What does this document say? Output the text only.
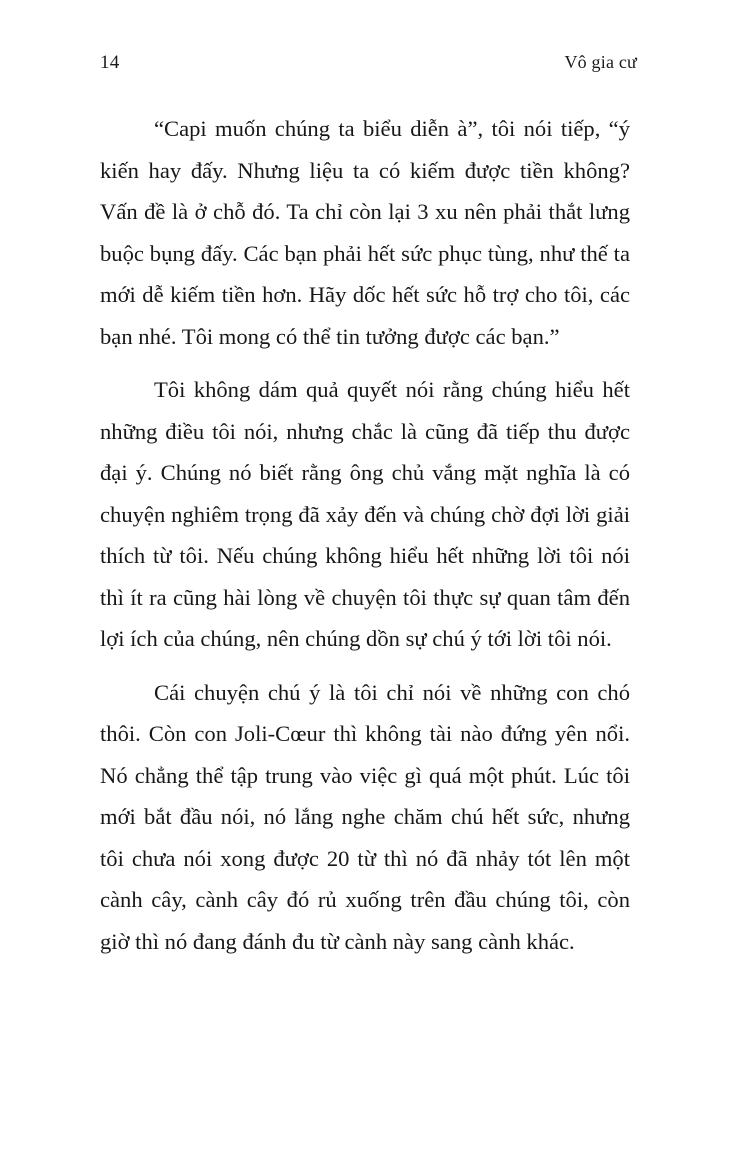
14	Vô gia cư

“Capi muốn chúng ta biểu diễn à”, tôi nói tiếp, “ý kiến hay đấy. Nhưng liệu ta có kiếm được tiền không? Vấn đề là ở chỗ đó. Ta chỉ còn lại 3 xu nên phải thắt lưng buộc bụng đấy. Các bạn phải hết sức phục tùng, như thế ta mới dễ kiếm tiền hơn. Hãy dốc hết sức hỗ trợ cho tôi, các bạn nhé. Tôi mong có thể tin tưởng được các bạn.”

Tôi không dám quả quyết nói rằng chúng hiểu hết những điều tôi nói, nhưng chắc là cũng đã tiếp thu được đại ý. Chúng nó biết rằng ông chủ vắng mặt nghĩa là có chuyện nghiêm trọng đã xảy đến và chúng chờ đợi lời giải thích từ tôi. Nếu chúng không hiểu hết những lời tôi nói thì ít ra cũng hài lòng về chuyện tôi thực sự quan tâm đến lợi ích của chúng, nên chúng dồn sự chú ý tới lời tôi nói.

Cái chuyện chú ý là tôi chỉ nói về những con chó thôi. Còn con Joli-Cœur thì không tài nào đứng yên nổi. Nó chẳng thể tập trung vào việc gì quá một phút. Lúc tôi mới bắt đầu nói, nó lắng nghe chăm chú hết sức, nhưng tôi chưa nói xong được 20 từ thì nó đã nhảy tót lên một cành cây, cành cây đó rủ xuống trên đầu chúng tôi, còn giờ thì nó đang đánh đu từ cành này sang cành khác.
